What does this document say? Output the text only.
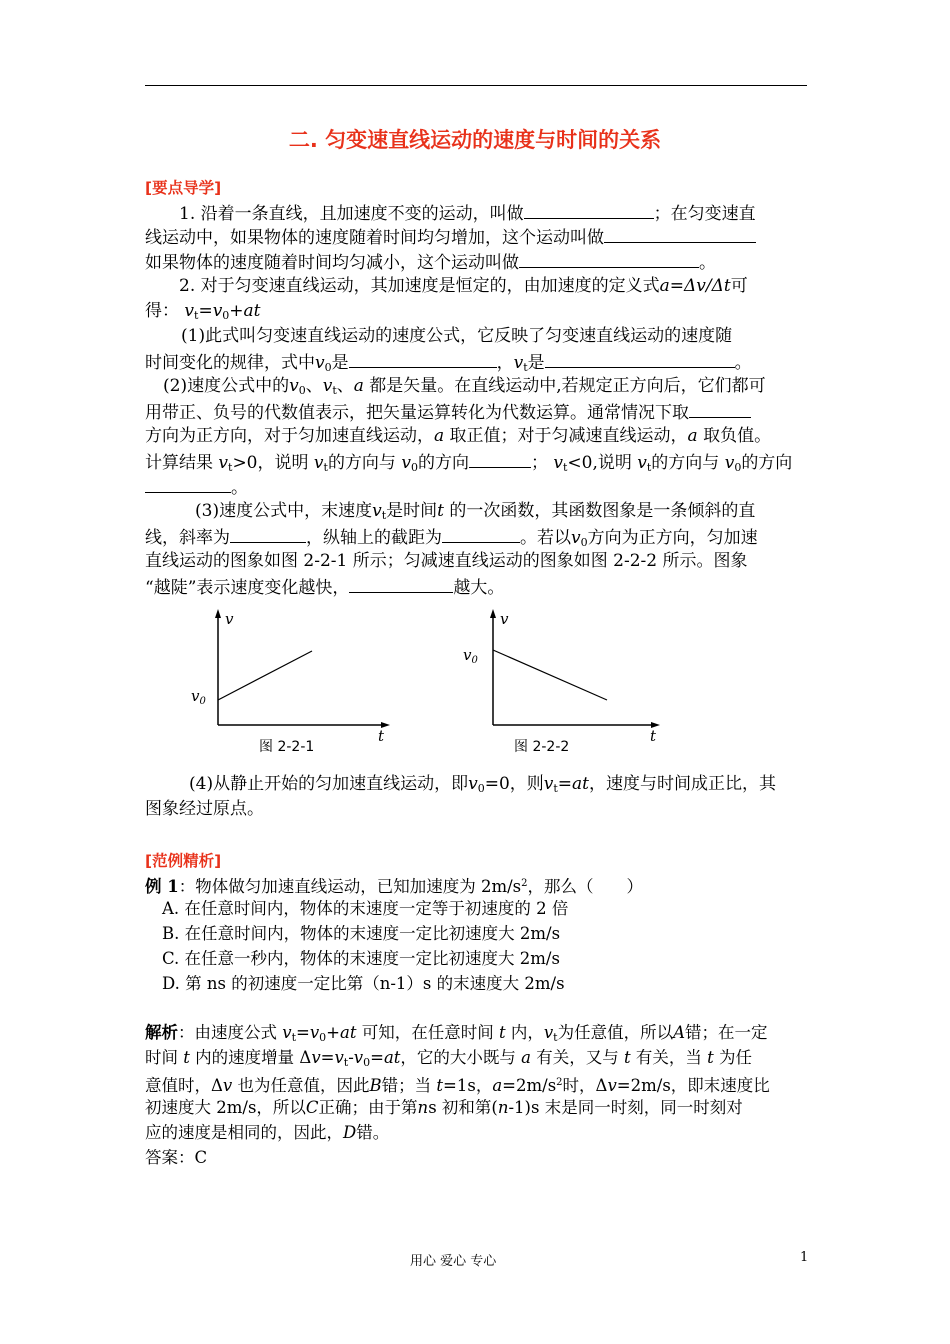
二. 匀变速直线运动的速度与时间的关系
[要点导学]
1. 沿着一条直线，且加速度不变的运动，叫做	；在匀变速直
线运动中，如果物体的速度随着时间均匀增加，这个运动叫做
如果物体的速度随着时间均匀减小，这个运动叫做	。
2. 对于匀变速直线运动，其加速度是恒定的，由加速度的定义式a=Δv/Δt可
得： $v_t=v_0+at$
(1)此式叫匀变速直线运动的速度公式，它反映了匀变速直线运动的速度随
时间变化的规律，式中$v_0$是	，$v_t$是	。
(2)速度公式中的$v_0$、$v_t$、a 都是矢量。在直线运动中,若规定正方向后，它们都可
用带正、负号的代数值表示，把矢量运算转化为代数运算。通常情况下取
方向为正方向，对于匀加速直线运动，a 取正值；对于匀减速直线运动，a 取负值。
计算结果 $v_t>0$，说明 $v_t$的方向与 $v_0$的方向	； $v_t<0$,说明 $v_t$的方向与 $v_0$的方向
。
(3)速度公式中，末速度$v_t$是时间t 的一次函数，其函数图象是一条倾斜的直
线，斜率为	，纵轴上的截距为	。若以$v_0$方向为正方向，匀加速
直线运动的图象如图 2-2-1 所示；匀减速直线运动的图象如图 2-2-2 所示。图象
“越陡”表示速度变化越快，	越大。
v
t
$v_0$
图 2-2-1
v
t
$v_0$
图 2-2-2
(4)从静止开始的匀加速直线运动，即$v_0=0$，则$v_t=at$，速度与时间成正比，其
图象经过原点。
[范例精析]
例 1：物体做匀加速直线运动，已知加速度为 $2m/s^2$，那么（　　）
A. 在任意时间内，物体的末速度一定等于初速度的 2 倍
B. 在任意时间内，物体的末速度一定比初速度大 2m/s
C. 在任意一秒内，物体的末速度一定比初速度大 2m/s
D. 第 ns 的初速度一定比第（n-1）s 的末速度大 2m/s
解析：由速度公式 $v_t=v_0+at$ 可知，在任意时间 t 内，$v_t$为任意值，所以A错；在一定
时间 t 内的速度增量 $\Delta v=v_t-v_0=at$，它的大小既与 a 有关，又与 t 有关，当 t 为任
意值时，Δv 也为任意值，因此B错；当 t=1s，$a=2m/s^2$时，Δv=2m/s，即末速度比
初速度大 2m/s，所以C正确；由于第ns 初和第(n-1)s 末是同一时刻，同一时刻对
应的速度是相同的，因此，D错。
答案：C
用心 爱心 专心	1
